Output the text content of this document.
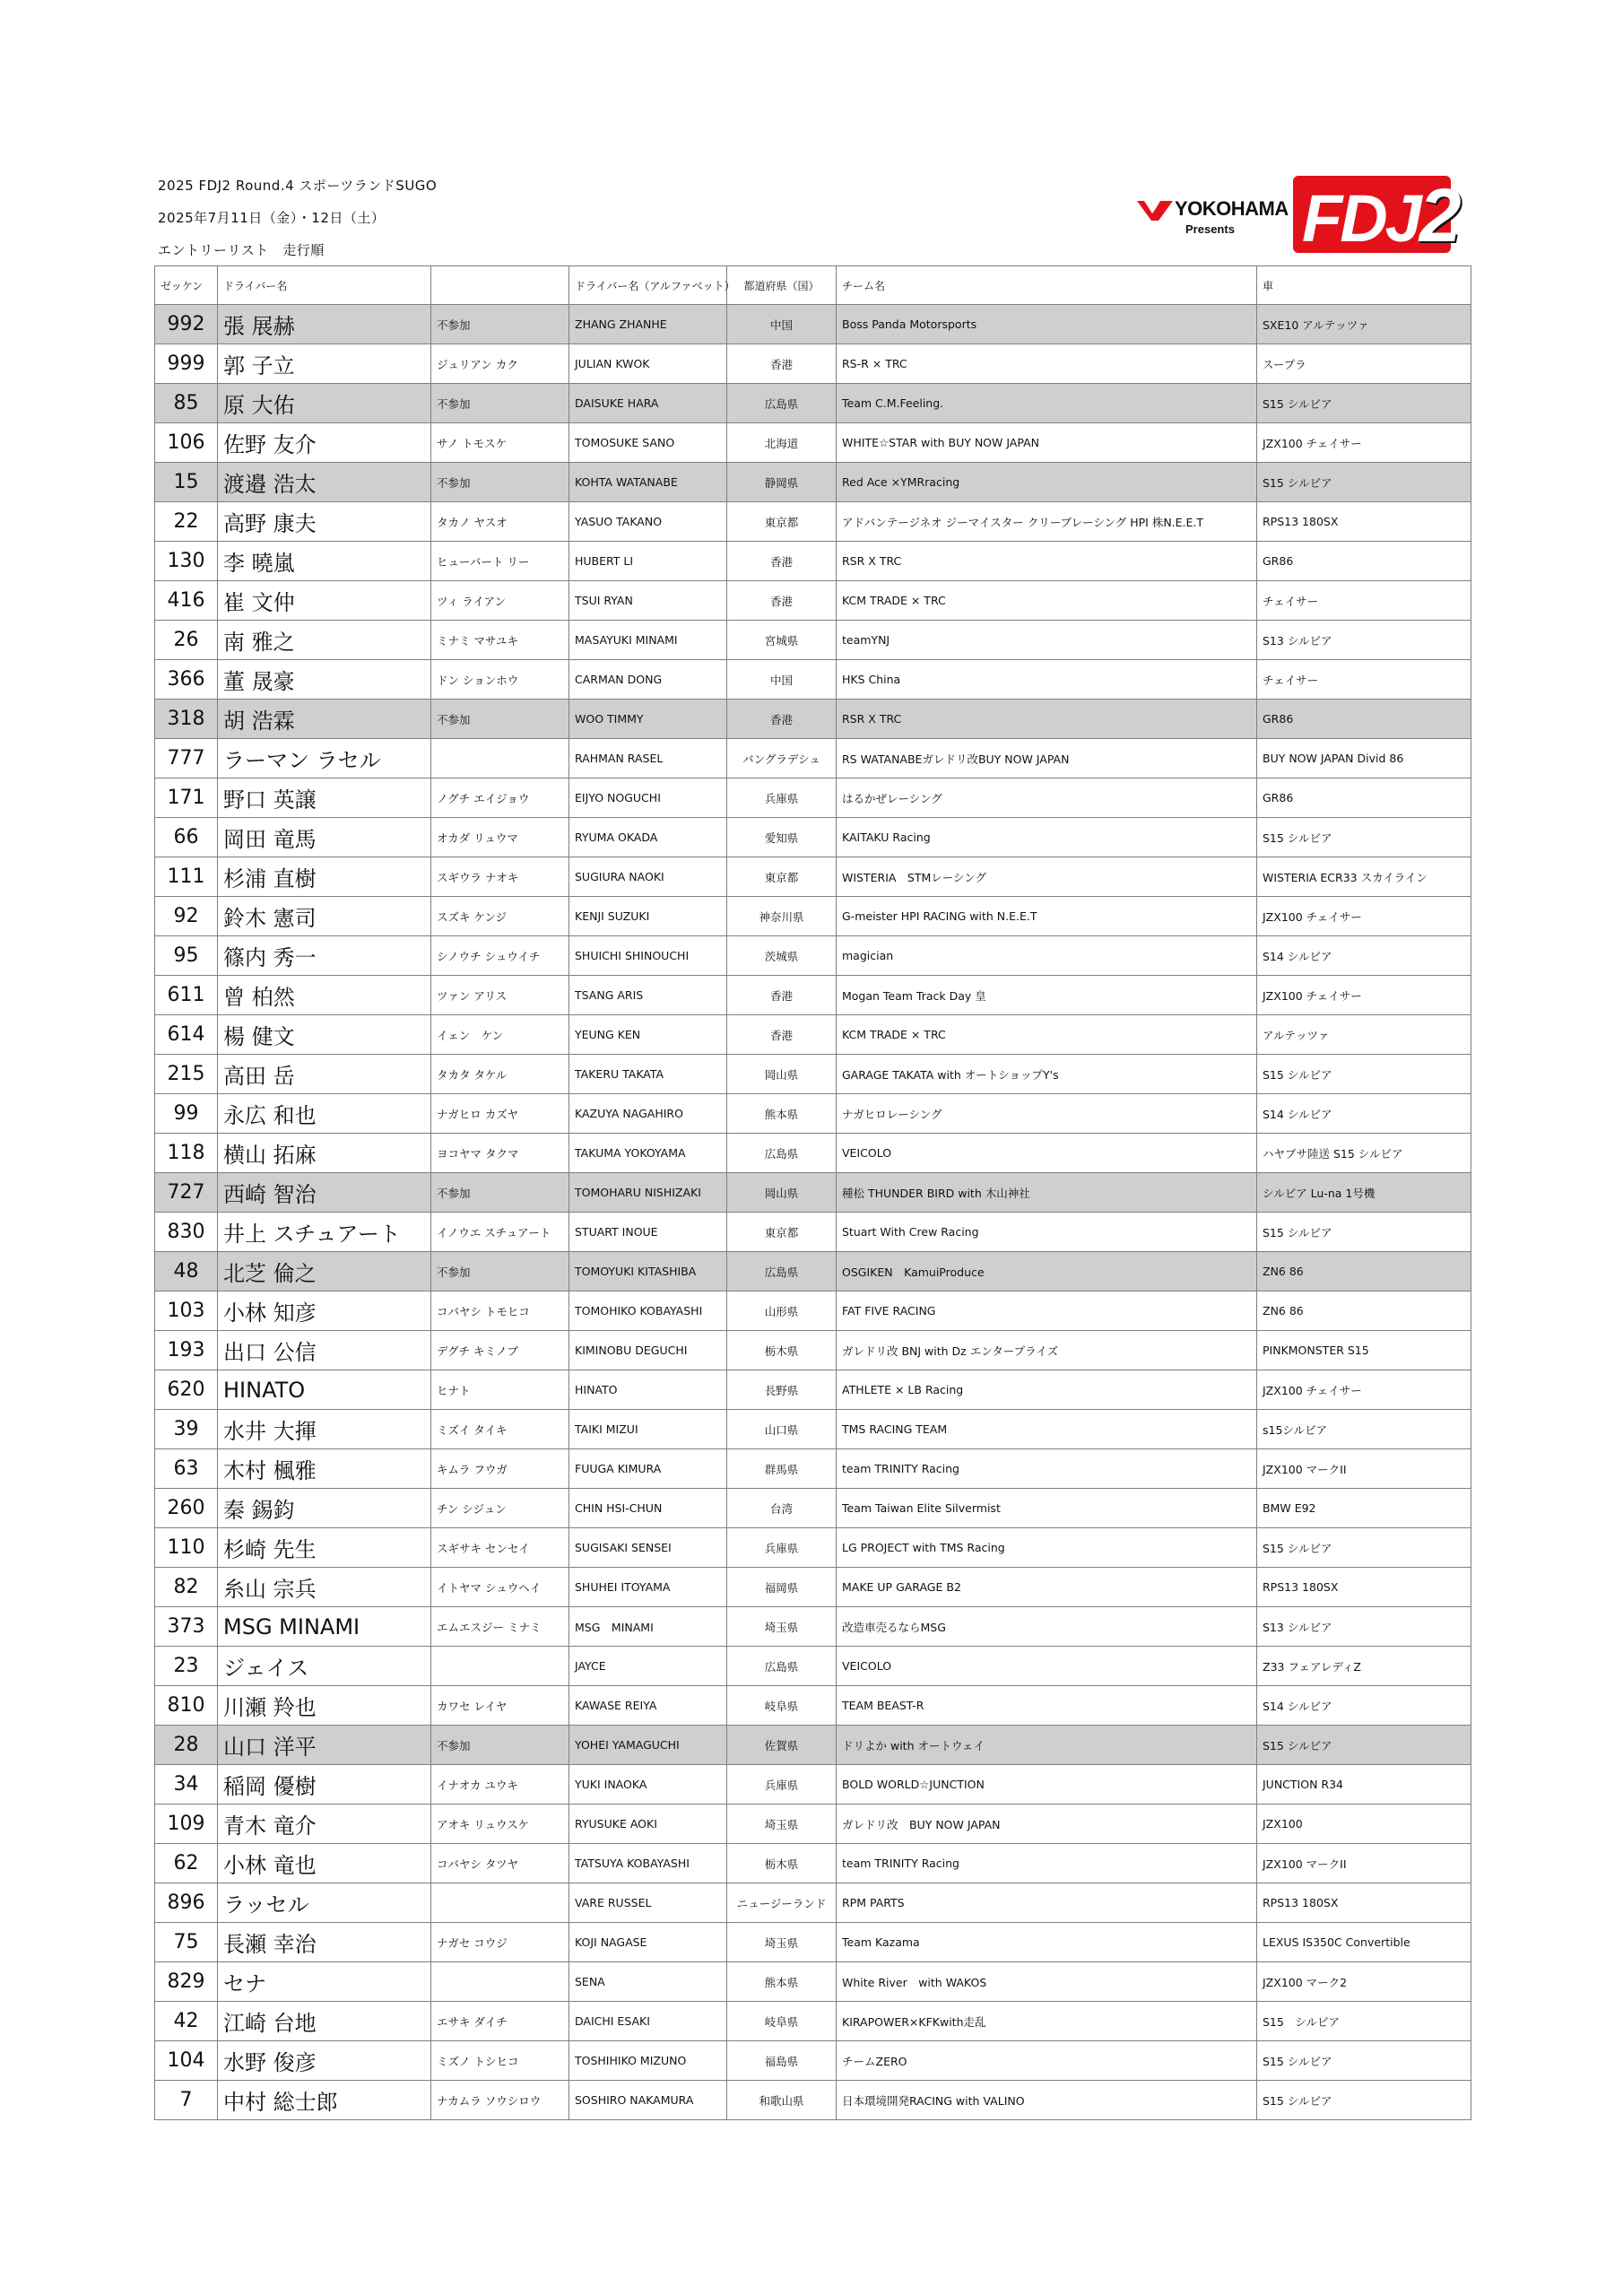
2025 FDJ2 Round.4 スポーツランドSUGO
2025年7月11日（金）・12日（土）
エントリーリスト　走行順
YOKOHAMA
Presents FDJ2
ゼッケン	ドライバー名		ドライバー名（アルファベット）	都道府県（国）	チーム名	車
992	張 展赫	不参加	ZHANG ZHANHE	中国	Boss Panda Motorsports	SXE10 アルテッツァ
999	郭 子立	ジュリアン カク	JULIAN KWOK	香港	RS-R × TRC	スープラ
85	原 大佑	不参加	DAISUKE HARA	広島県	Team C.M.Feeling.	S15 シルビア
106	佐野 友介	サノ トモスケ	TOMOSUKE SANO	北海道	WHITE☆STAR with BUY NOW JAPAN	JZX100 チェイサー
15	渡邉 浩太	不参加	KOHTA WATANABE	静岡県	Red Ace ×YMRracing	S15 シルビア
22	高野 康夫	タカノ ヤスオ	YASUO TAKANO	東京都	アドバンテージネオ ジーマイスター クリーブレーシング HPI 株N.E.E.T	RPS13 180SX
130	李 曉嵐	ヒューバート リー	HUBERT LI	香港	RSR X TRC	GR86
416	崔 文仲	ツィ ライアン	TSUI RYAN	香港	KCM TRADE × TRC	チェイサー
26	南 雅之	ミナミ マサユキ	MASAYUKI MINAMI	宮城県	teamYNJ	S13 シルビア
366	董 晟豪	ドン ションホウ	CARMAN DONG	中国	HKS China	チェイサー
318	胡 浩霖	不参加	WOO TIMMY	香港	RSR X TRC	GR86
777	ラーマン ラセル		RAHMAN RASEL	バングラデシュ	RS WATANABEガレドリ改BUY NOW JAPAN	BUY NOW JAPAN Divid 86
171	野口 英譲	ノグチ エイジョウ	EIJYO NOGUCHI	兵庫県	はるかぜレーシング	GR86
66	岡田 竜馬	オカダ リュウマ	RYUMA OKADA	愛知県	KAITAKU Racing	S15 シルビア
111	杉浦 直樹	スギウラ ナオキ	SUGIURA NAOKI	東京都	WISTERIA　STMレーシング	WISTERIA ECR33 スカイライン
92	鈴木 憲司	スズキ ケンジ	KENJI SUZUKI	神奈川県	G-meister HPI RACING with N.E.E.T	JZX100 チェイサー
95	篠内 秀一	シノウチ シュウイチ	SHUICHI SHINOUCHI	茨城県	magician	S14 シルビア
611	曾 柏然	ツァン アリス	TSANG ARIS	香港	Mogan Team Track Day 皇	JZX100 チェイサー
614	楊 健文	イェン　ケン	YEUNG KEN	香港	KCM TRADE × TRC	アルテッツァ
215	高田 岳	タカタ タケル	TAKERU TAKATA	岡山県	GARAGE TAKATA with オートショップY's	S15 シルビア
99	永広 和也	ナガヒロ カズヤ	KAZUYA NAGAHIRO	熊本県	ナガヒロレーシング	S14 シルビア
118	横山 拓麻	ヨコヤマ タクマ	TAKUMA YOKOYAMA	広島県	VEICOLO	ハヤブサ陸送 S15 シルビア
727	西崎 智治	不参加	TOMOHARU NISHIZAKI	岡山県	種松 THUNDER BIRD with 木山神社	シルビア Lu-na 1号機
830	井上 スチュアート	イノウエ スチュアート	STUART INOUE	東京都	Stuart With Crew Racing	S15 シルビア
48	北芝 倫之	不参加	TOMOYUKI KITASHIBA	広島県	OSGIKEN　KamuiProduce	ZN6 86
103	小林 知彦	コバヤシ トモヒコ	TOMOHIKO KOBAYASHI	山形県	FAT FIVE RACING	ZN6 86
193	出口 公信	デグチ キミノブ	KIMINOBU DEGUCHI	栃木県	ガレドリ改 BNJ with Dz エンタープライズ	PINKMONSTER S15
620	HINATO	ヒナト	HINATO	長野県	ATHLETE × LB Racing	JZX100 チェイサー
39	水井 大揮	ミズイ タイキ	TAIKI MIZUI	山口県	TMS RACING TEAM	s15シルビア
63	木村 楓雅	キムラ フウガ	FUUGA KIMURA	群馬県	team TRINITY Racing	JZX100 マークII
260	秦 錫鈞	チン シジュン	CHIN HSI-CHUN	台湾	Team Taiwan Elite Silvermist	BMW E92
110	杉崎 先生	スギサキ センセイ	SUGISAKI SENSEI	兵庫県	LG PROJECT with TMS Racing	S15 シルビア
82	糸山 宗兵	イトヤマ シュウヘイ	SHUHEI ITOYAMA	福岡県	MAKE UP GARAGE B2	RPS13 180SX
373	MSG MINAMI	エムエスジー ミナミ	MSG　MINAMI	埼玉県	改造車売るならMSG	S13 シルビア
23	ジェイス		JAYCE	広島県	VEICOLO	Z33 フェアレディZ
810	川瀬 羚也	カワセ レイヤ	KAWASE REIYA	岐阜県	TEAM BEAST-R	S14 シルビア
28	山口 洋平	不参加	YOHEI YAMAGUCHI	佐賀県	ドリよか with オートウェイ	S15 シルビア
34	稲岡 優樹	イナオカ ユウキ	YUKI INAOKA	兵庫県	BOLD WORLD☆JUNCTION	JUNCTION R34
109	青木 竜介	アオキ リュウスケ	RYUSUKE AOKI	埼玉県	ガレドリ改　BUY NOW JAPAN	JZX100
62	小林 竜也	コバヤシ タツヤ	TATSUYA KOBAYASHI	栃木県	team TRINITY Racing	JZX100 マークII
896	ラッセル		VARE RUSSEL	ニュージーランド	RPM PARTS	RPS13 180SX
75	長瀬 幸治	ナガセ コウジ	KOJI NAGASE	埼玉県	Team Kazama	LEXUS IS350C Convertible
829	セナ		SENA	熊本県	White River　with WAKOS	JZX100 マーク2
42	江崎 台地	エサキ ダイチ	DAICHI ESAKI	岐阜県	KIRAPOWER×KFKwith走乱	S15　シルビア
104	水野 俊彦	ミズノ トシヒコ	TOSHIHIKO MIZUNO	福島県	チームZERO	S15 シルビア
7	中村 総士郎	ナカムラ ソウシロウ	SOSHIRO NAKAMURA	和歌山県	日本環境開発RACING with VALINO	S15 シルビア
